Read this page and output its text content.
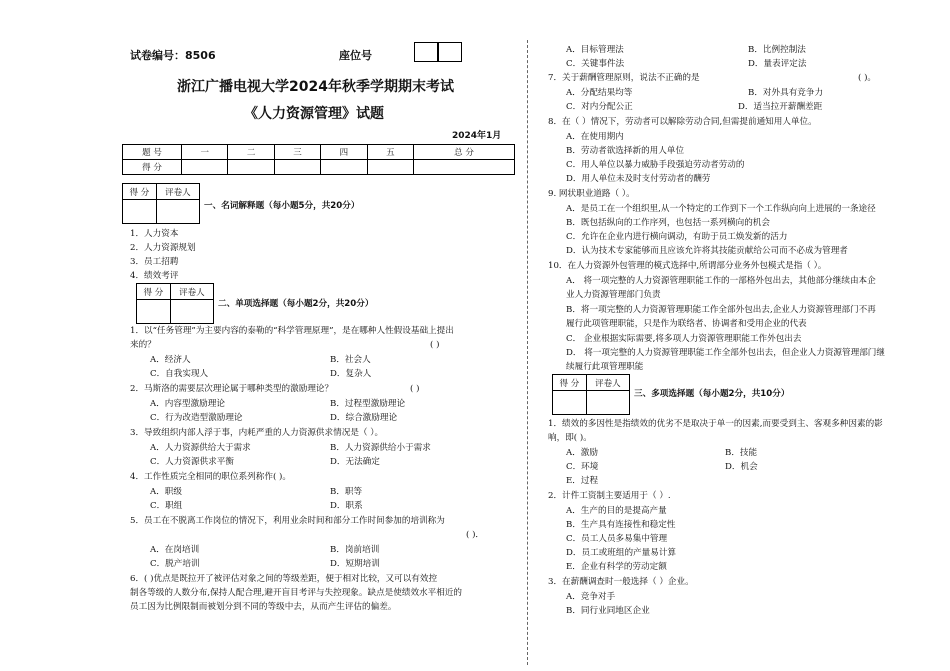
试卷编号：8506	座位号
浙江广播电视大学2024年秋季学期期末考试
《人力资源管理》试题
2024年1月
题 号	一	二	三	四	五	总 分
得 分						
得 分	评卷人

一、名词解释题（每小题5分，共20分）
1．人力资本
2．人力资源规划
3．员工招聘
4．绩效考评
得 分	评卷人

二、单项选择题（每小题2分，共20分）
1．以“任务管理”为主要内容的泰勒的“科学管理原理”，是在哪种人性假设基础上提出
来的？	( )
A．经济人	B．社会人
C．自我实现人	D．复杂人
2．马斯洛的需要层次理论属于哪种类型的激励理论？	( )
A．内容型激励理论	B．过程型激励理论
C．行为改造型激励理论	D．综合激励理论
3．导致组织内部人浮于事，内耗严重的人力资源供求情况是（ ）。
A．人力资源供给大于需求	B．人力资源供给小于需求
C．人力资源供求平衡	D．无法确定
4．工作性质完全相同的职位系列称作( )。
A．职级	B．职等
C．职组	D．职系
5．员工在不脱离工作岗位的情况下，利用业余时间和部分工作时间参加的培训称为
( )．
A．在岗培训	B．岗前培训
C．脱产培训	D．短期培训
6．( )优点是既拉开了被评估对象之间的等级差距，便于相对比较，又可以有效控
制各等级的人数分布,保持人配合理,避开盲目考评与失控现象。缺点是使绩效水平相近的
员工因为比例限制而被划分到不同的等级中去，从而产生评估的偏差。
A．目标管理法	B．比例控制法
C．关键事件法	D．量表评定法
7．关于薪酬管理原则，说法不正确的是	( )。
A．分配结果均等	B．对外具有竞争力
C．对内分配公正	D．适当拉开薪酬差距
8．在（ ）情况下，劳动者可以解除劳动合同,但需提前通知用人单位。
A．在使用期内
B．劳动者欲选择新的用人单位
C．用人单位以暴力威胁手段强迫劳动者劳动的
D．用人单位未及时支付劳动者的酬劳
9. 网状职业道路（ ）。
A．是员工在一个组织里,从一个特定的工作到下一个工作纵向向上进展的一条途径
B．既包括纵向的工作序列，也包括一系列横向的机会
C．允许在企业内进行横向调动，有助于员工焕发新的活力
D．认为技术专家能够而且应该允许将其技能贡献给公司而不必成为管理者
10．在人力资源外包管理的模式选择中,所谓部分业务外包模式是指（ ）。
A． 将一项完整的人力资源管理职能工作的一部格外包出去，其他部分继续由本企
业人力资源管理部门负责
B．将一项完整的人力资源管理职能工作全部外包出去,企业人力资源管理部门不再
履行此项管理职能，只是作为联络者、协调者和受用企业的代表
C． 企业根据实际需要,将多项人力资源管理职能工作外包出去
D． 将一项完整的人力资源管理职能工作全部外包出去，但企业人力资源管理部门继
续履行此项管理职能
得 分	评卷人

三、多项选择题（每小题2分，共10分）
1．绩效的多因性是指绩效的优劣不是取决于单一的因素,而要受到主、客观多种因素的影
响，即( )。
A．激励	B．技能
C．环境	D．机会
E．过程
2．计件工资制主要适用于（ ）.
A．生产的目的是提高产量
B．生产具有连接性和稳定性
C．员工人员多易集中管理
D．员工或班组的产量易计算
E．企业有科学的劳动定额
3．在薪酬调查时一般选择（ ）企业。
A．竞争对手
B．同行业同地区企业
